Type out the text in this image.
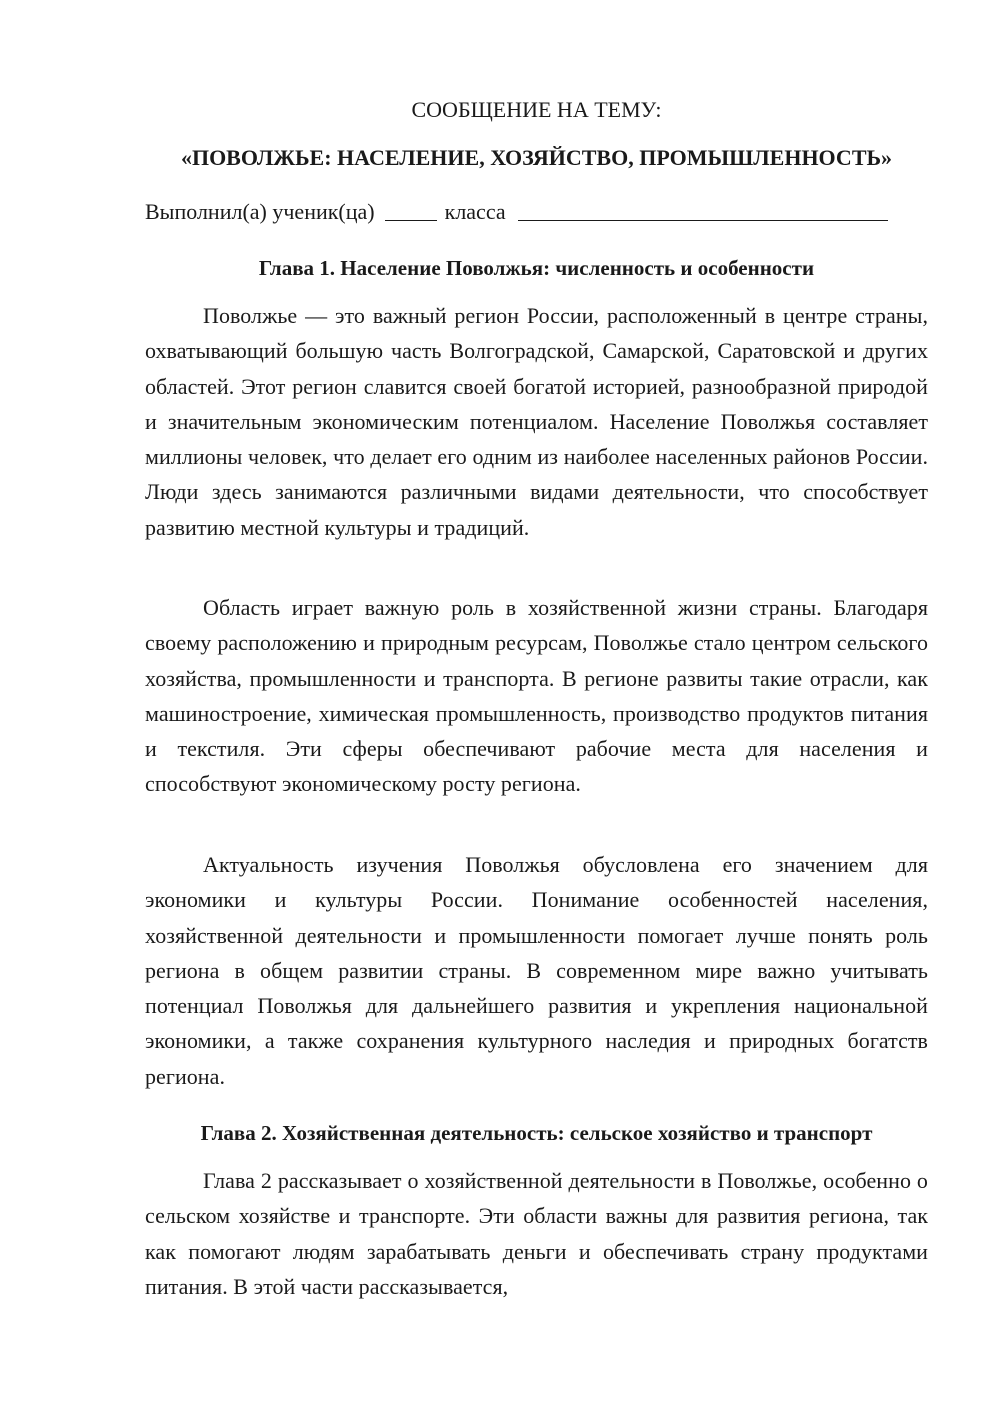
СООБЩЕНИЕ НА ТЕМУ:

«ПОВОЛЖЬЕ: НАСЕЛЕНИЕ, ХОЗЯЙСТВО, ПРОМЫШЛЕННОСТЬ»

Выполнил(а) ученик(ца)	класса

Глава 1. Население Поволжья: численность и особенности

Поволжье — это важный регион России, расположенный в центре страны, охватывающий большую часть Волгоградской, Самарской, Саратовской и других областей. Этот регион славится своей богатой историей, разнообразной природой и значительным экономическим потенциалом. Население Поволжья составляет миллионы человек, что делает его одним из наиболее населенных районов России. Люди здесь занимаются различными видами деятельности, что способствует развитию местной культуры и традиций.

Область играет важную роль в хозяйственной жизни страны. Благодаря своему расположению и природным ресурсам, Поволжье стало центром сельского хозяйства, промышленности и транспорта. В регионе развиты такие отрасли, как машиностроение, химическая промышленность, производство продуктов питания и текстиля. Эти сферы обеспечивают рабочие места для населения и способствуют экономическому росту региона.

Актуальность изучения Поволжья обусловлена его значением для экономики и культуры России. Понимание особенностей населения, хозяйственной деятельности и промышленности помогает лучше понять роль региона в общем развитии страны. В современном мире важно учитывать потенциал Поволжья для дальнейшего развития и укрепления национальной экономики, а также сохранения культурного наследия и природных богатств региона.

Глава 2. Хозяйственная деятельность: сельское хозяйство и транспорт

Глава 2 рассказывает о хозяйственной деятельности в Поволжье, особенно о сельском хозяйстве и транспорте. Эти области важны для развития региона, так как помогают людям зарабатывать деньги и обеспечивать страну продуктами питания. В этой части рассказывается,
